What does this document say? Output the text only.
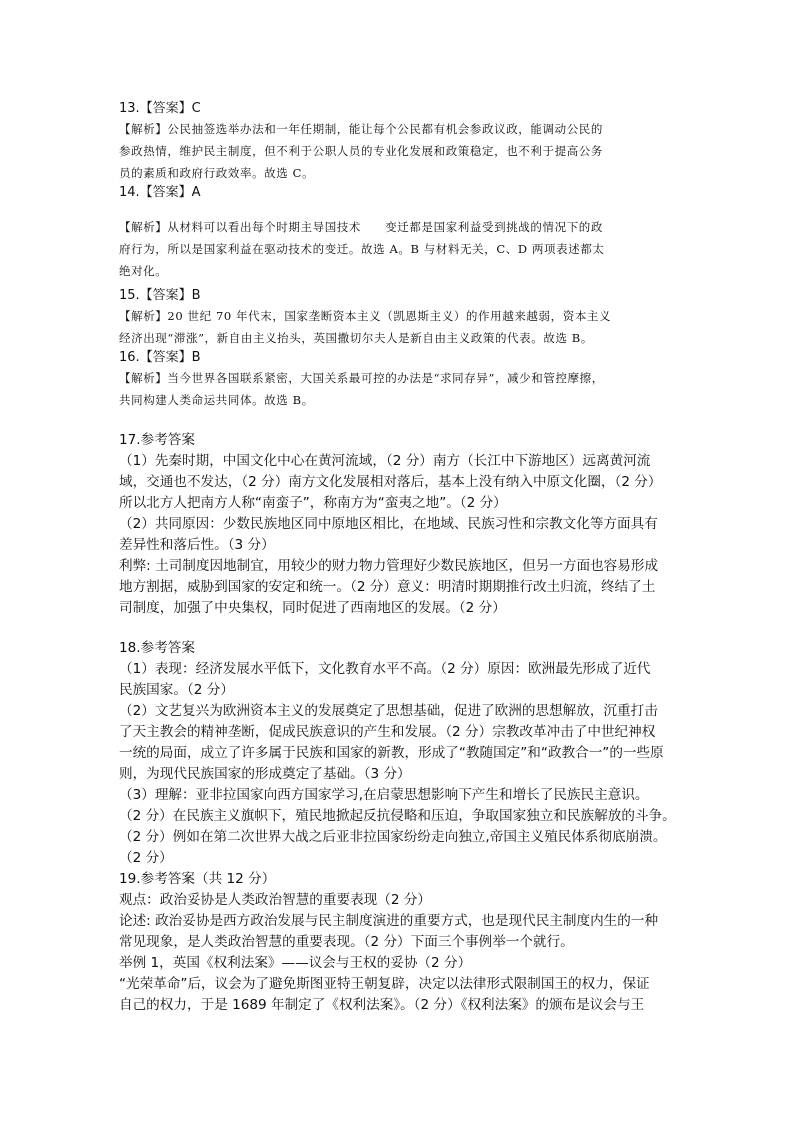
13.【答案】C
【解析】公民抽签选举办法和一年任期制，能让每个公民都有机会参政议政，能调动公民的
参政热情，维护民主制度，但不利于公职人员的专业化发展和政策稳定，也不利于提高公务
员的素质和政府行政效率。故选 C。
14.【答案】A
【解析】从材料可以看出每个时期主导国技术　　变迁都是国家利益受到挑战的情况下的政
府行为，所以是国家利益在驱动技术的变迁。故选 A。B 与材料无关，C、D 两项表述都太
绝对化。
15.【答案】B
【解析】20 世纪 70 年代末，国家垄断资本主义（凯恩斯主义）的作用越来越弱，资本主义
经济出现“滞涨”，新自由主义抬头，英国撒切尔夫人是新自由主义政策的代表。故选 B。
16.【答案】B
【解析】当今世界各国联系紧密，大国关系最可控的办法是“求同存异”，减少和管控摩擦，
共同构建人类命运共同体。故选 B。
17.参考答案
（1）先秦时期，中国文化中心在黄河流域，（2 分）南方（长江中下游地区）远离黄河流
域，交通也不发达，（2 分）南方文化发展相对落后，基本上没有纳入中原文化圈，（2 分）
所以北方人把南方人称“南蛮子”，称南方为“蛮夷之地”。（2 分）
（2）共同原因：少数民族地区同中原地区相比，在地域、民族习性和宗教文化等方面具有
差异性和落后性。（3 分）
利弊: 土司制度因地制宜，用较少的财力物力管理好少数民族地区，但另一方面也容易形成
地方割据，威胁到国家的安定和统一。（2 分）意义：明清时期期推行改土归流，终结了土
司制度，加强了中央集权，同时促进了西南地区的发展。（2 分）
18.参考答案
（1）表现：经济发展水平低下，文化教育水平不高。（2 分）原因：欧洲最先形成了近代
民族国家。（2 分）
（2）文艺复兴为欧洲资本主义的发展奠定了思想基础，促进了欧洲的思想解放，沉重打击
了天主教会的精神垄断，促成民族意识的产生和发展。（2 分）宗教改革冲击了中世纪神权
一统的局面，成立了许多属于民族和国家的新教，形成了“教随国定”和“政教合一”的一些原
则，为现代民族国家的形成奠定了基础。（3 分）
（3）理解：亚非拉国家向西方国家学习,在启蒙思想影响下产生和增长了民族民主意识。
（2 分）在民族主义旗帜下，殖民地掀起反抗侵略和压迫，争取国家独立和民族解放的斗争。
（2 分）例如在第二次世界大战之后亚非拉国家纷纷走向独立,帝国主义殖民体系彻底崩溃。
（2 分）
19.参考答案（共 12 分）
观点：政治妥协是人类政治智慧的重要表现（2 分）
论述: 政治妥协是西方政治发展与民主制度演进的重要方式，也是现代民主制度内生的一种
常见现象，是人类政治智慧的重要表现。（2 分）下面三个事例举一个就行。
举例 1，英国《权利法案》——议会与王权的妥协（2 分）
“光荣革命”后，议会为了避免斯图亚特王朝复辟，决定以法律形式限制国王的权力，保证
自己的权力，于是 1689 年制定了《权利法案》。（2 分）《权利法案》的颁布是议会与王
